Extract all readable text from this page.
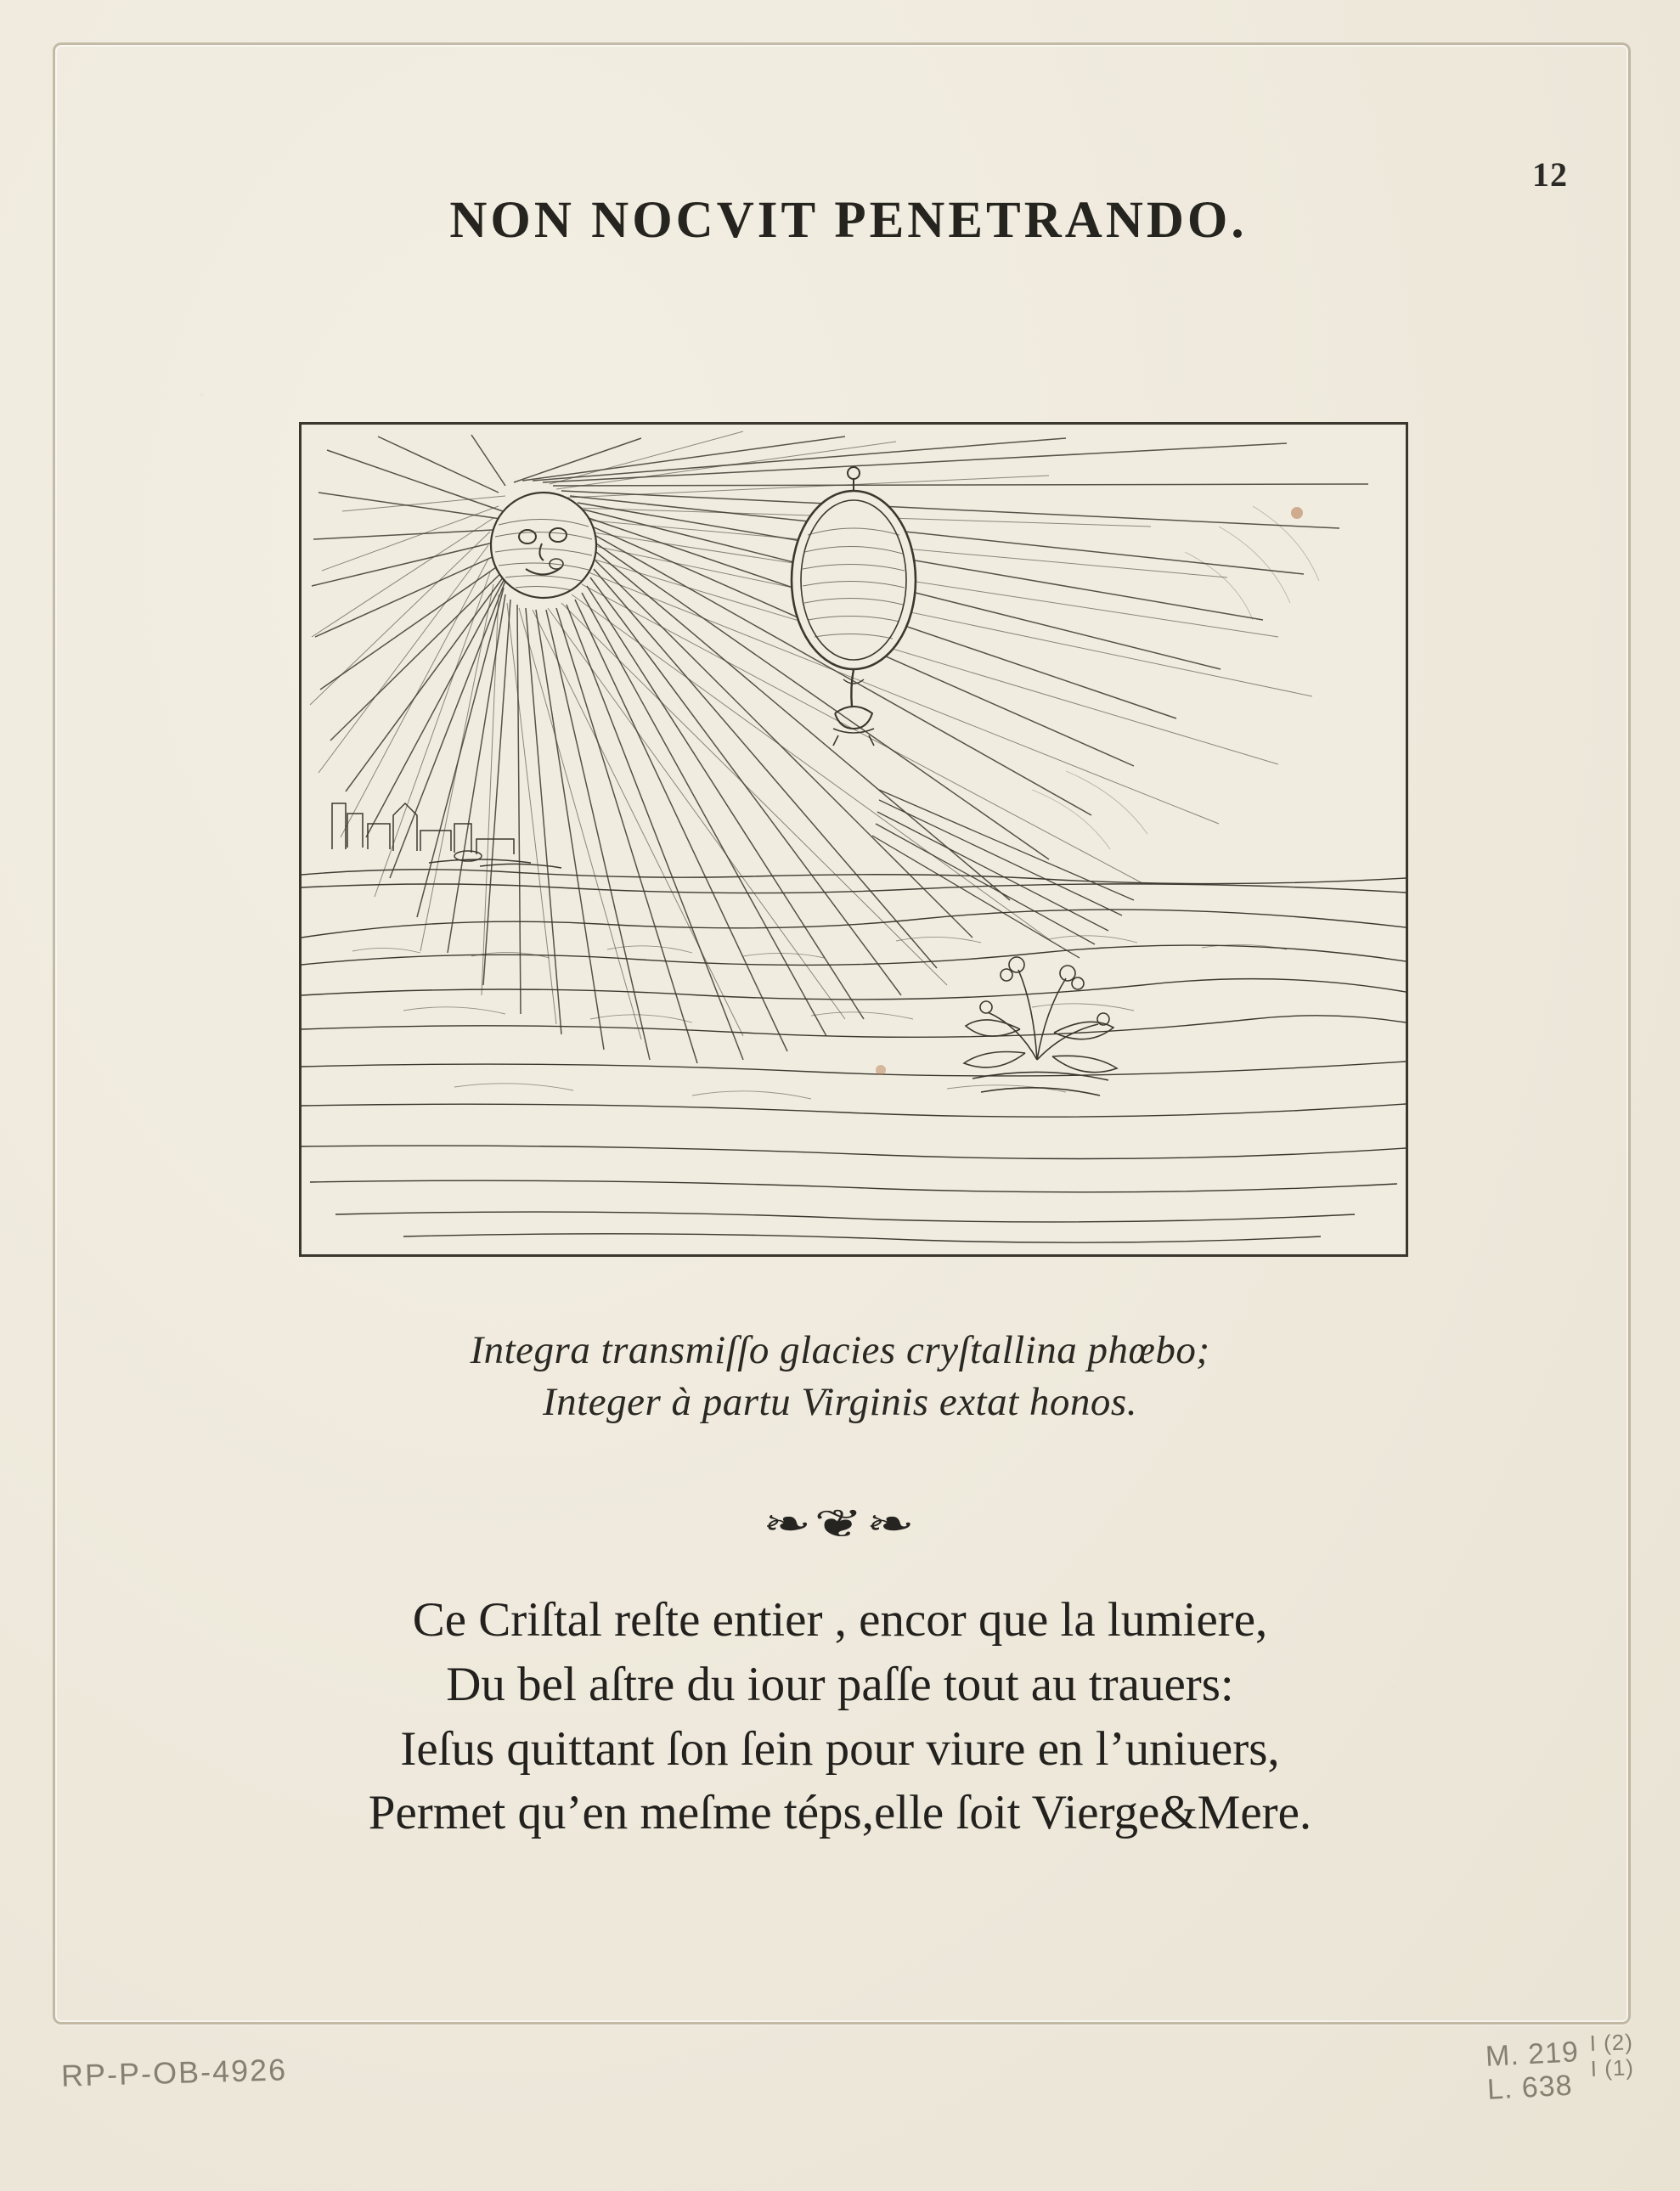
12
NON NOCVIT PENETRANDO.
Integra transmiſſo glacies cryſtallina phœbo;
Integer à partu Virginis extat honos.
❧❦❧
Ce Criſtal reſte entier , encor que la lumiere,
Du bel aſtre du iour paſſe tout au trauers:
Ieſus quittant ſon ſein pour viure en l’uniuers,
Permet qu’en meſme téps,elle ſoit Vierge&Mere.
RP-P-OB-4926	M. 219
L. 638
I (2)
I (1)
